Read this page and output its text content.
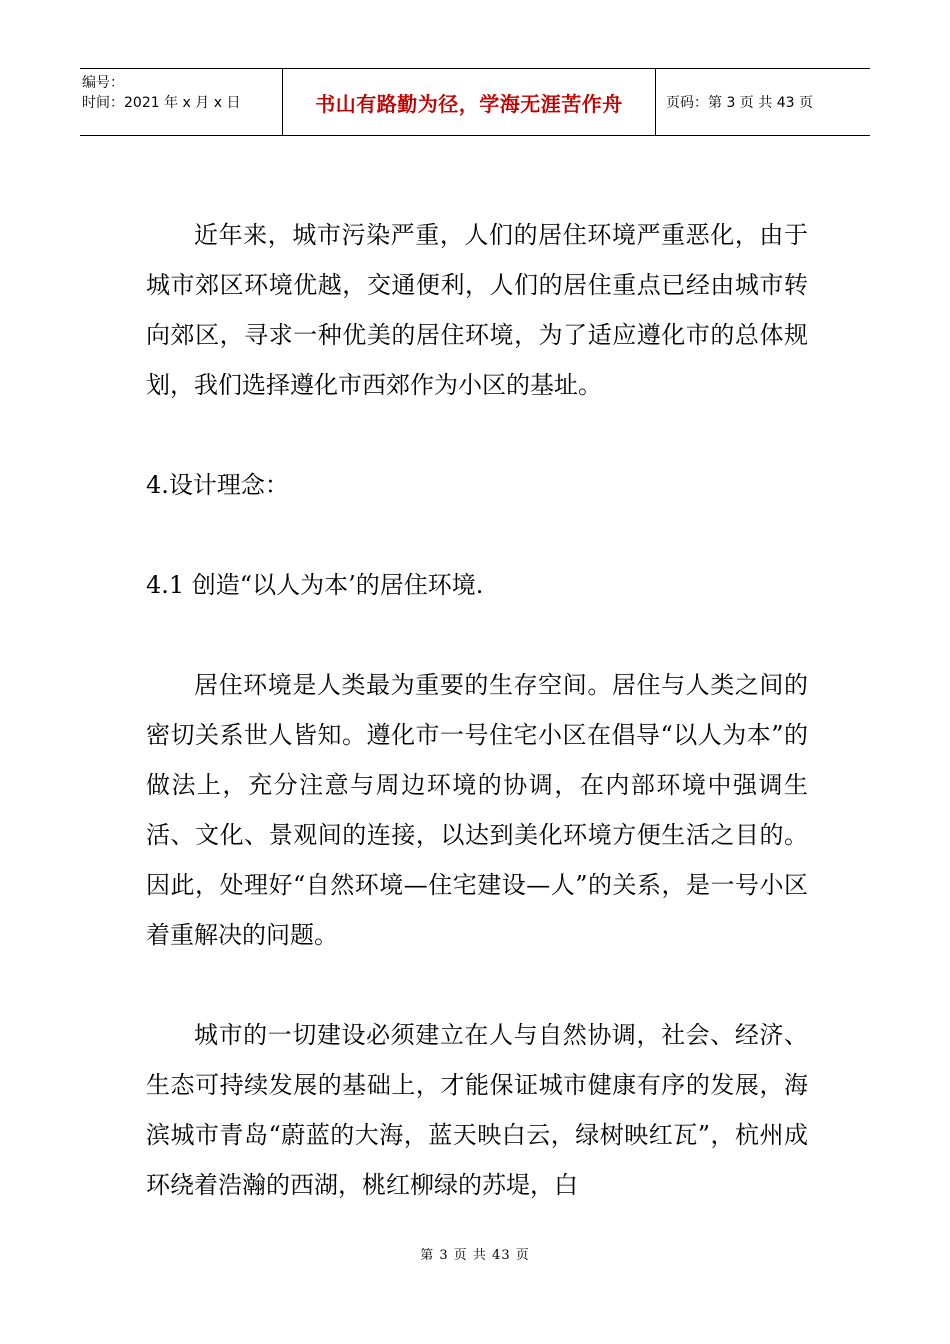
编号：
时间：2021 年 x 月 x 日	书山有路勤为径，学海无涯苦作舟	页码：第 3 页 共 43 页

近年来，城市污染严重，人们的居住环境严重恶化，由于城市郊区环境优越，交通便利，人们的居住重点已经由城市转向郊区，寻求一种优美的居住环境，为了适应遵化市的总体规划，我们选择遵化市西郊作为小区的基址。

4.设计理念：

4.1 创造“以人为本’的居住环境.

居住环境是人类最为重要的生存空间。居住与人类之间的密切关系世人皆知。遵化市一号住宅小区在倡导“以人为本”的做法上，充分注意与周边环境的协调，在内部环境中强调生活、文化、景观间的连接，以达到美化环境方便生活之目的。因此，处理好“自然环境—住宅建设—人”的关系，是一号小区着重解决的问题。

城市的一切建设必须建立在人与自然协调，社会、经济、生态可持续发展的基础上，才能保证城市健康有序的发展，海滨城市青岛“蔚蓝的大海，蓝天映白云，绿树映红瓦”，杭州成环绕着浩瀚的西湖，桃红柳绿的苏堤，白

第 3 页 共 43 页
